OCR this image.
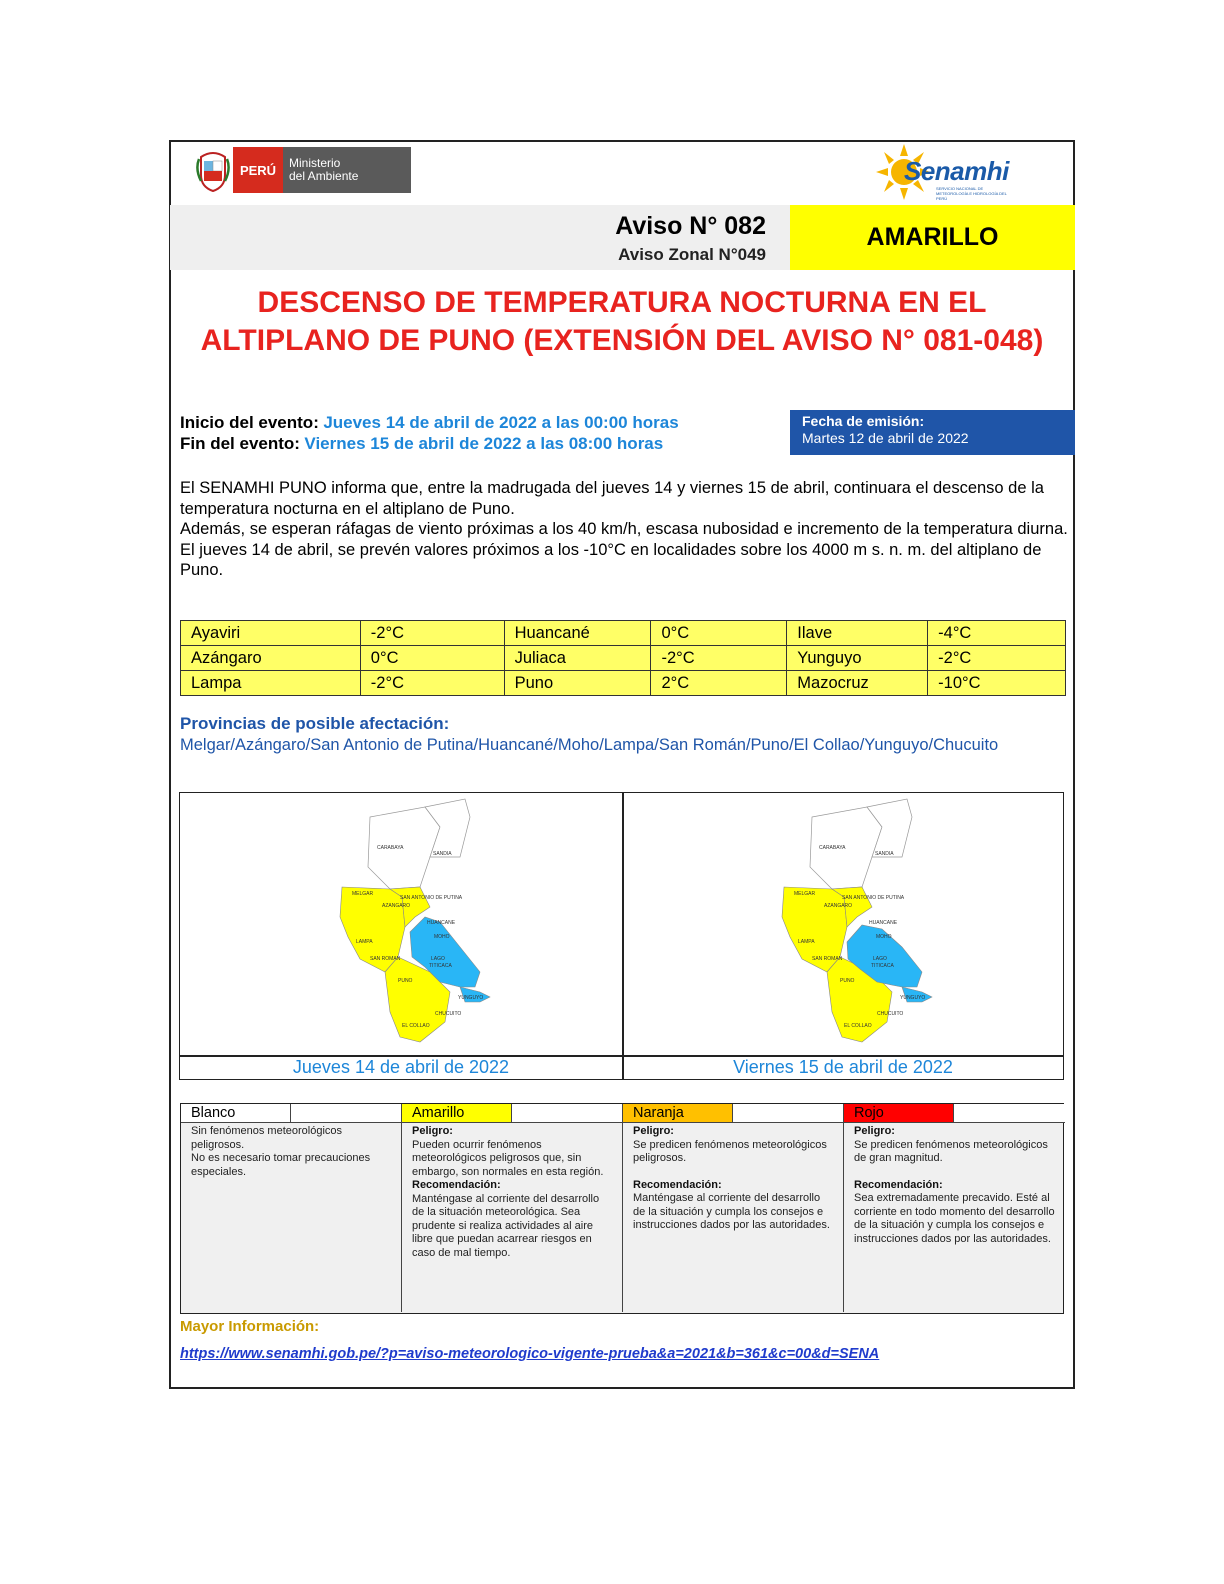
PERÚ	Ministerio
del Ambiente	Senamhi
SERVICIO NACIONAL DE METEOROLOGÍA E HIDROLOGÍA DEL PERÚ
Aviso N° 082
Aviso Zonal N°049
AMARILLO
DESCENSO DE TEMPERATURA NOCTURNA EN EL ALTIPLANO DE PUNO (EXTENSIÓN DEL AVISO N° 081-048)
Inicio del evento: Jueves 14 de abril de 2022 a las 00:00 horas
Fin del evento: Viernes 15 de abril de 2022 a las 08:00 horas
Fecha de emisión:
Martes 12 de abril de 2022

El SENAMHI PUNO informa que, entre la madrugada del jueves 14 y viernes 15 de abril, continuara el descenso de la temperatura nocturna en el altiplano de Puno.

Además, se esperan ráfagas de viento próximas a los 40 km/h, escasa nubosidad e incremento de la temperatura diurna.

El jueves 14 de abril, se prevén valores próximos a los -10°C en localidades sobre los 4000 m s. n. m. del altiplano de Puno.

Ayaviri	-2°C	Huancané	0°C	Ilave	-4°C
Azángaro	0°C	Juliaca	-2°C	Yunguyo	-2°C
Lampa	-2°C	Puno	2°C	Mazocruz	-10°C
Provincias de posible afectación:
Melgar/Azángaro/San Antonio de Putina/Huancané/Moho/Lampa/San Román/Puno/El Collao/Yunguyo/Chucuito
CARABAYA
SANDIA
MELGAR
AZANGARO
SAN ANTONIO DE PUTINA
HUANCANE
MOHO
LAMPA
LAGO
TITICACA
SAN ROMAN
PUNO
YUNGUYO
CHUCUITO
EL COLLAO
CARABAYA
SANDIA
MELGAR
AZANGARO
SAN ANTONIO DE PUTINA
HUANCANE
MOHO
LAMPA
LAGO
TITICACA
SAN ROMAN
PUNO
YUNGUYO
CHUCUITO
EL COLLAO
Jueves 14 de abril de 2022	Viernes 15 de abril de 2022
Blanco
Sin fenómenos meteorológicos peligrosos.
No es necesario tomar precauciones especiales.
Amarillo
Peligro:
Pueden ocurrir fenómenos meteorológicos peligrosos que, sin embargo, son normales en esta región.
Recomendación:
Manténgase al corriente del desarrollo de la situación meteorológica. Sea prudente si realiza actividades al aire libre que puedan acarrear riesgos en caso de mal tiempo.
Naranja
Peligro:
Se predicen fenómenos meteorológicos peligrosos.
Recomendación:
Manténgase al corriente del desarrollo de la situación y cumpla los consejos e instrucciones dados por las autoridades.
Rojo
Peligro:
Se predicen fenómenos meteorológicos de gran magnitud.
Recomendación:
Sea extremadamente precavido. Esté al corriente en todo momento del desarrollo de la situación y cumpla los consejos e instrucciones dados por las autoridades.
Mayor Información:
https://www.senamhi.gob.pe/?p=aviso-meteorologico-vigente-prueba&a=2021&b=361&c=00&d=SENA
